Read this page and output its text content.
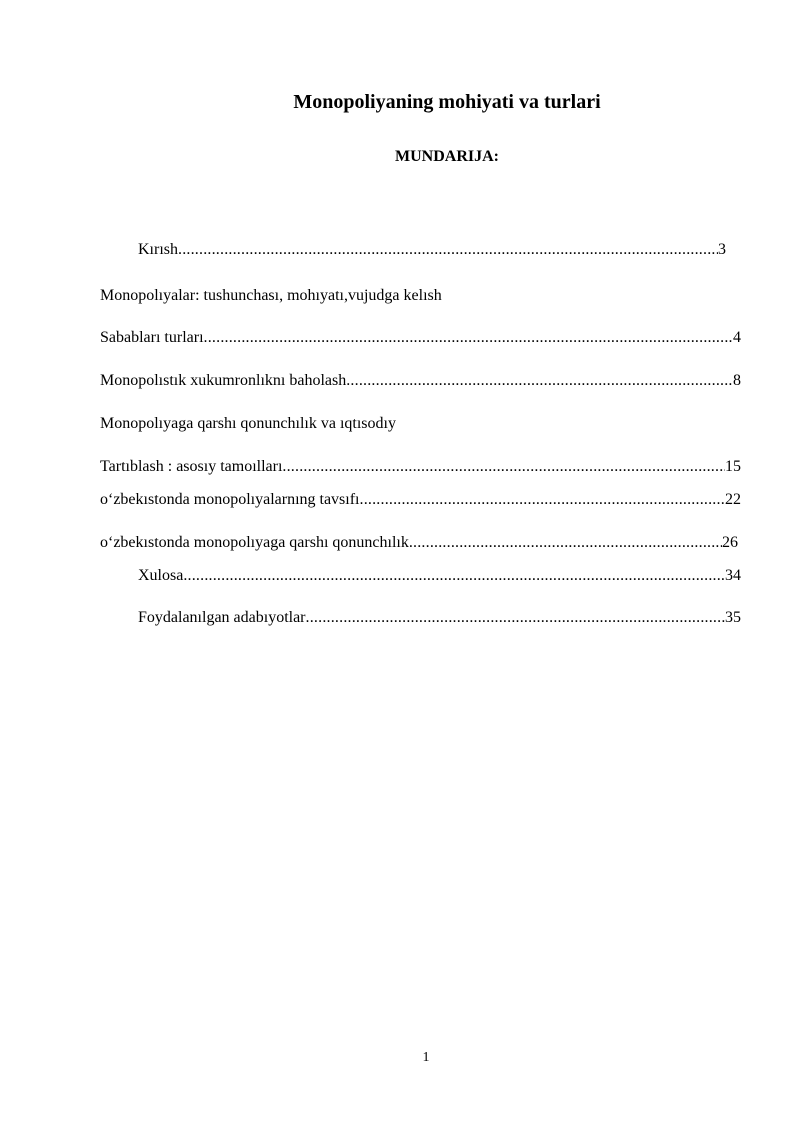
Monopoliyaning mohiyati va turlari
MUNDARIJA:
Kırısh .....	3
Monopolıyalar: tushunchası, mohıyatı,vujudga kelısh
Sababları turları .....	4
Monopolıstık xukumronlıknı baholash .....	8
Monopolıyaga qarshı qonunchılık va ıqtısodıy
Tartıblash : asosıy tamoılları .....	15
oʻzbekıstonda monopolıyalarnıng tavsıfı .....	22
oʻzbekıstonda monopolıyaga qarshı qonunchılık .....	26
Xulosa .....	34
Foydalanılgan adabıyotlar .....	35
1
